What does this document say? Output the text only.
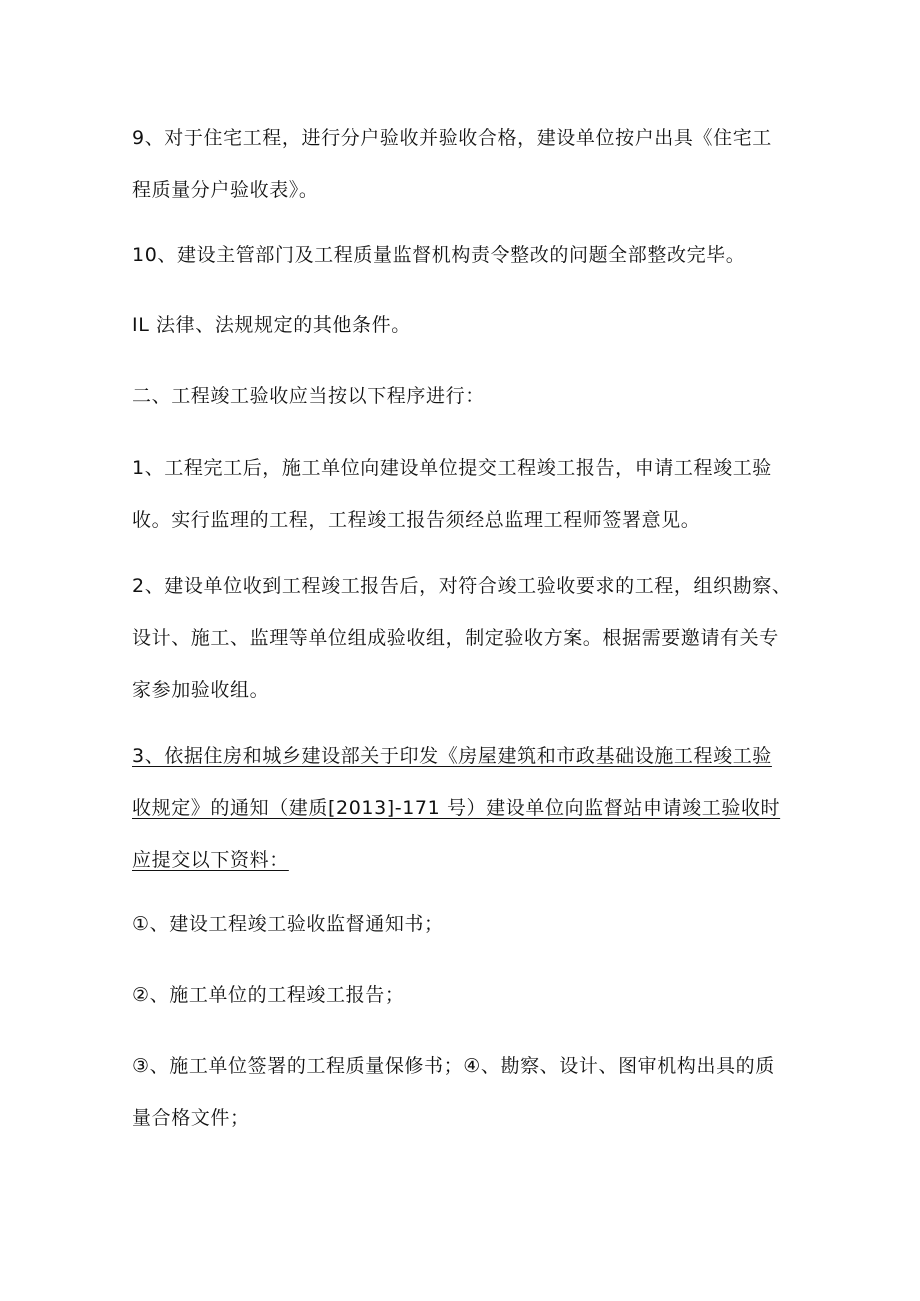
9、对于住宅工程，进行分户验收并验收合格，建设单位按户出具《住宅工
程质量分户验收表》。

10、建设主管部门及工程质量监督机构责令整改的问题全部整改完毕。

IL 法律、法规规定的其他条件。

二、工程竣工验收应当按以下程序进行：

1、工程完工后，施工单位向建设单位提交工程竣工报告，申请工程竣工验
收。实行监理的工程，工程竣工报告须经总监理工程师签署意见。

2、建设单位收到工程竣工报告后，对符合竣工验收要求的工程，组织勘察、
设计、施工、监理等单位组成验收组，制定验收方案。根据需要邀请有关专
家参加验收组。

3、依据住房和城乡建设部关于印发《房屋建筑和市政基础设施工程竣工验
收规定》的通知（建质[2013]-171 号）建设单位向监督站申请竣工验收时
应提交以下资料：

①、建设工程竣工验收监督通知书；

②、施工单位的工程竣工报告；

③、施工单位签署的工程质量保修书；④、勘察、设计、图审机构出具的质
量合格文件；
